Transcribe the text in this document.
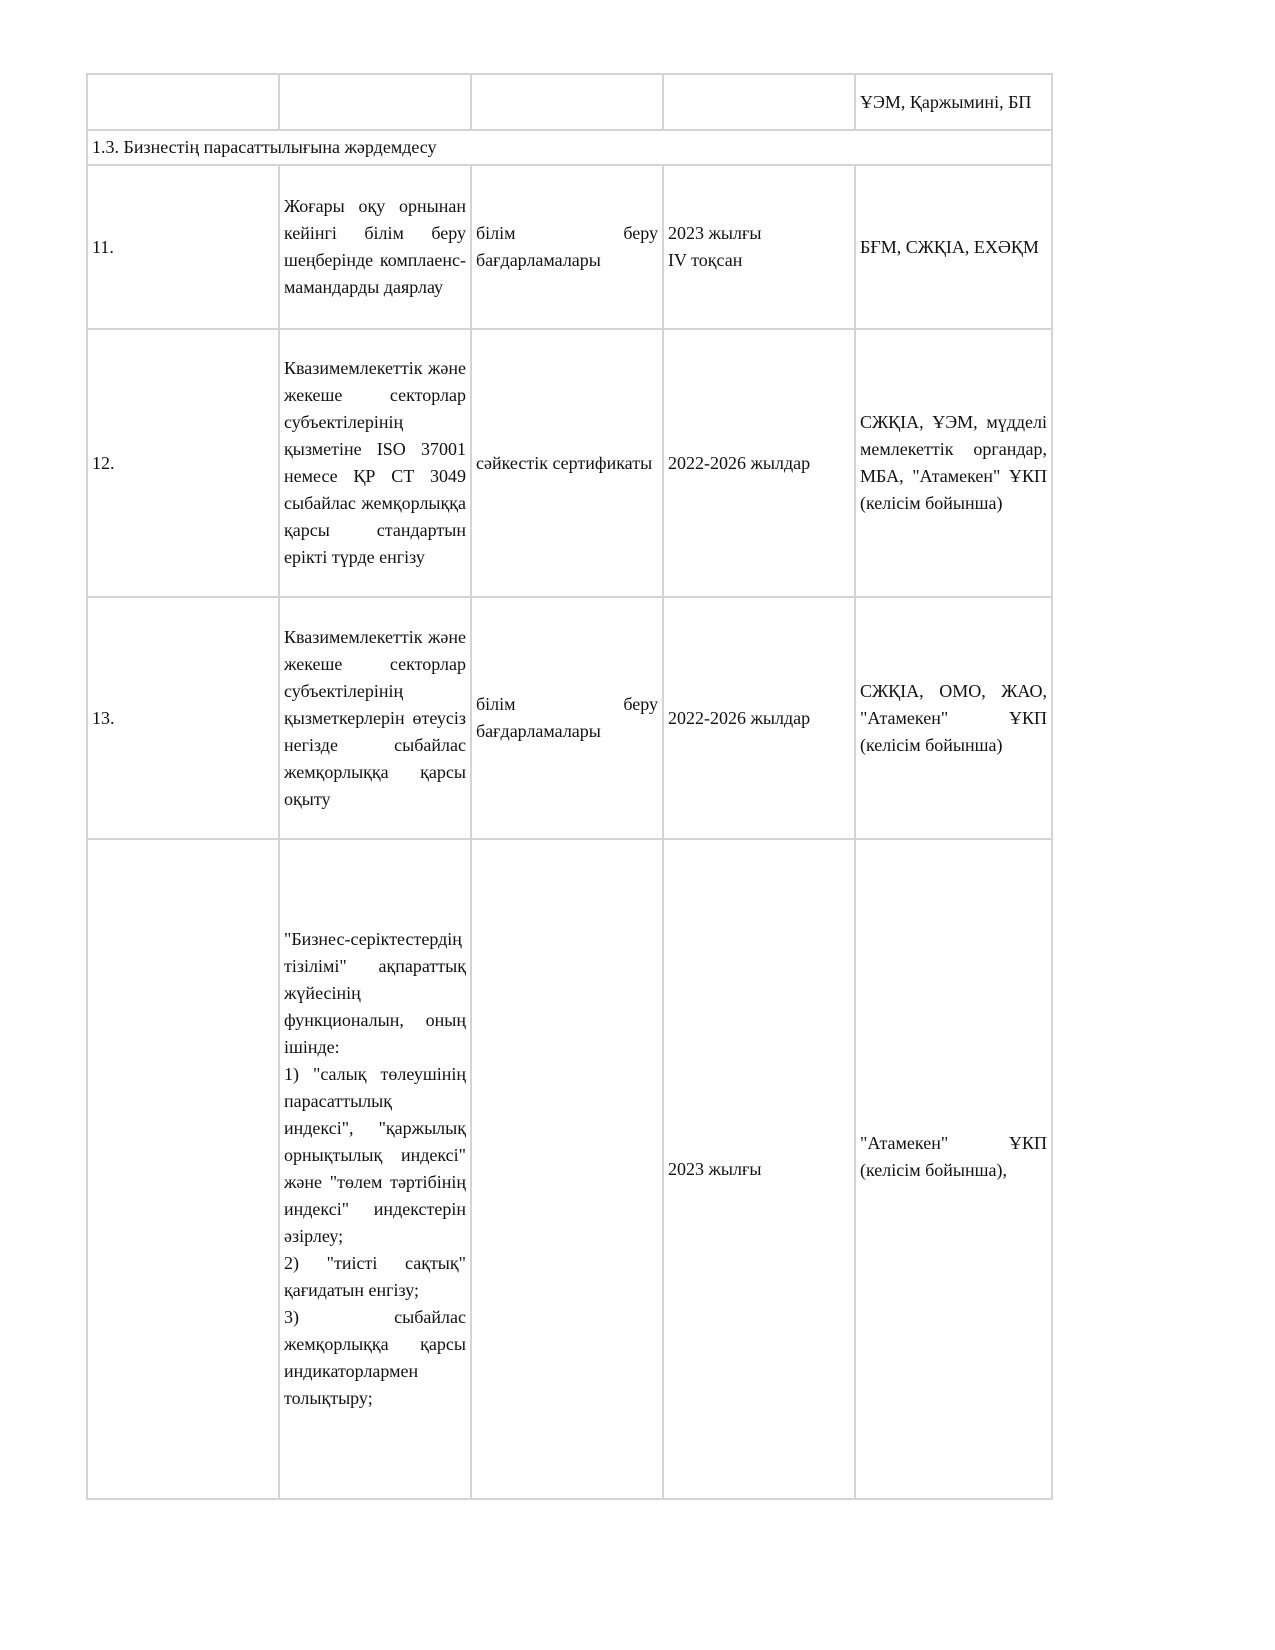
				ҰЭМ, Қаржымині, БП

1.3. Бизнестің парасаттылығына жәрдемдесу				
11.	Жоғары оқу орнынан кейінгі білім беру шеңберінде комплаенс-мамандарды даярлау	білім беру бағдарламалары	2023 жылғы
IV тоқсан	БҒМ, СЖҚІА, ЕХӘҚМ

12.	Квазимемлекеттік және жекеше секторлар субъектілерінің қызметіне ISO 37001 немесе ҚР СТ 3049 сыбайлас жемқорлыққа қарсы стандартын ерікті түрде енгізу	сәйкестік сертификаты	2022-2026 жылдар	СЖҚІА, ҰЭМ, мүдделі мемлекеттік органдар, МБА, "Атамекен" ҰКП (келісім бойынша)

13.	Квазимемлекеттік және жекеше секторлар субъектілерінің қызметкерлерін өтеусіз негізде сыбайлас жемқорлыққа қарсы оқыту	білім беру бағдарламалары	2022-2026 жылдар	СЖҚІА, ОМО, ЖАО, "Атамекен" ҰКП (келісім бойынша)

	"Бизнес-серіктестердің тізілімі" ақпараттық жүйесінің функционалын, оның ішінде:
1) "салық төлеушінің парасаттылық индексі", "қаржылық орнықтылық индексі" және "төлем тәртібінің индексі" индекстерін әзірлеу;
2) "тиісті сақтық" қағидатын енгізу;
3) сыбайлас жемқорлыққа қарсы индикаторлармен толықтыру;		2023 жылғы	"Атамекен" ҰКП (келісім бойынша),
